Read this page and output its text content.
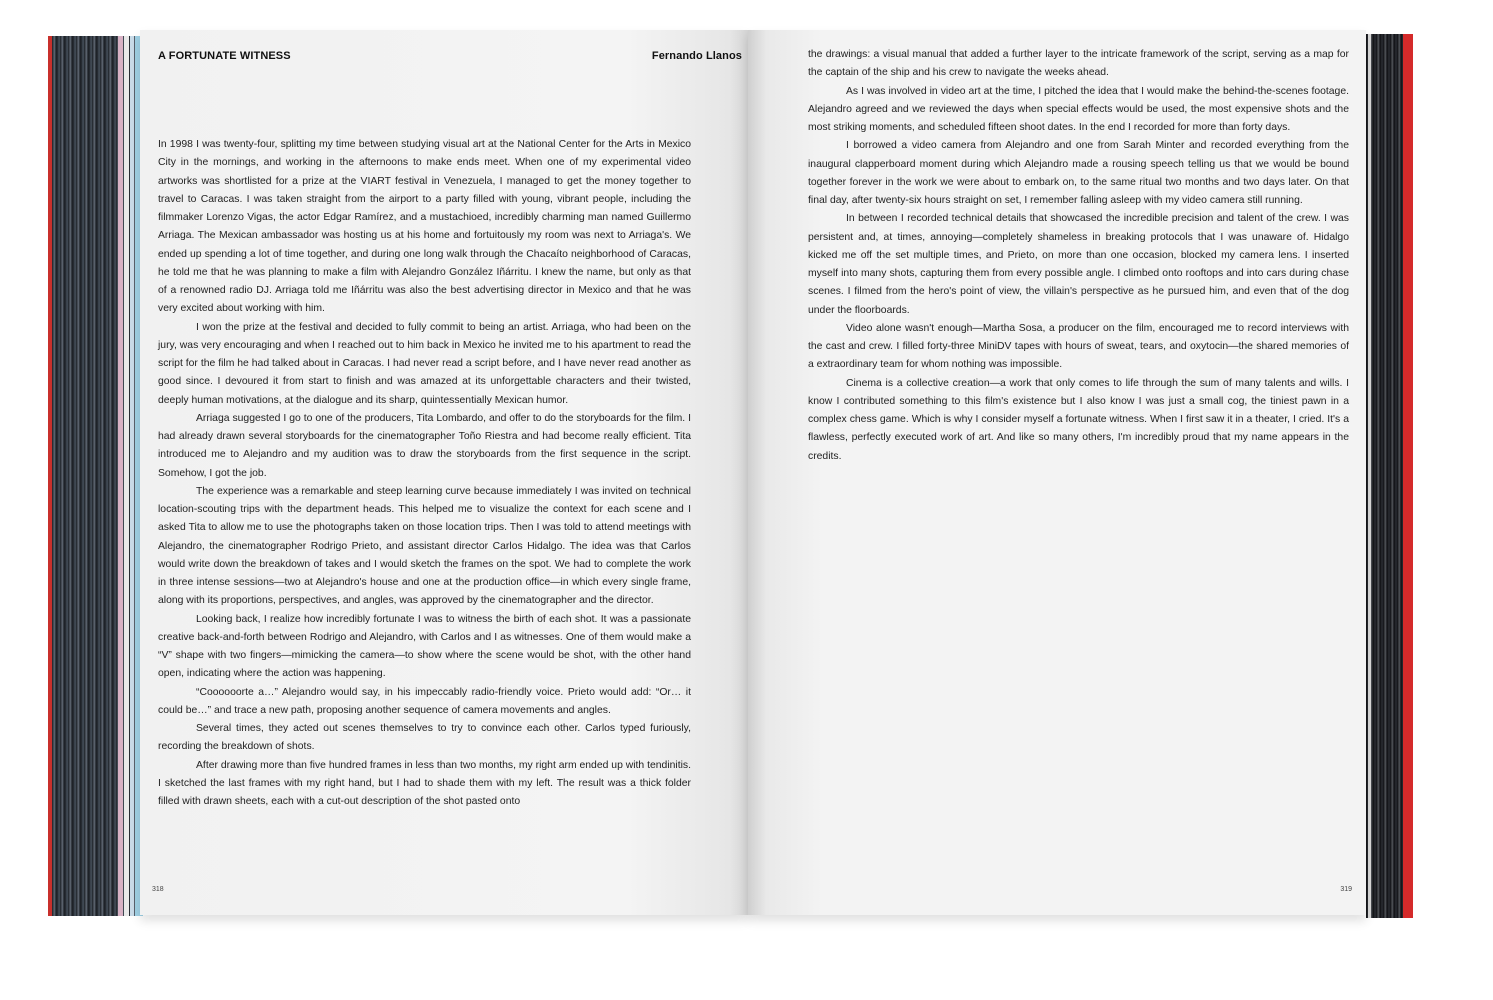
A FORTUNATE WITNESS	Fernando Llanos

In 1998 I was twenty-four, splitting my time between studying visual art at the National Center for the Arts in Mexico City in the mornings, and working in the afternoons to make ends meet. When one of my experimental video artworks was shortlisted for a prize at the VIART festival in Venezuela, I managed to get the money together to travel to Caracas. I was taken straight from the airport to a party filled with young, vibrant people, including the filmmaker Lorenzo Vigas, the actor Edgar Ramírez, and a mustachioed, incredibly charming man named Guillermo Arriaga. The Mexican ambassador was hosting us at his home and fortuitously my room was next to Arriaga's. We ended up spending a lot of time together, and during one long walk through the Chacaíto neighborhood of Caracas, he told me that he was planning to make a film with Alejandro González Iñárritu. I knew the name, but only as that of a renowned radio DJ. Arriaga told me Iñárritu was also the best advertising director in Mexico and that he was very excited about working with him.

I won the prize at the festival and decided to fully commit to being an artist. Arriaga, who had been on the jury, was very encouraging and when I reached out to him back in Mexico he invited me to his apartment to read the script for the film he had talked about in Caracas. I had never read a script before, and I have never read another as good since. I devoured it from start to finish and was amazed at its unforgettable characters and their twisted, deeply human motivations, at the dialogue and its sharp, quintessentially Mexican humor.

Arriaga suggested I go to one of the producers, Tita Lombardo, and offer to do the storyboards for the film. I had already drawn several storyboards for the cinematographer Toño Riestra and had become really efficient. Tita introduced me to Alejandro and my audition was to draw the storyboards from the first sequence in the script. Somehow, I got the job.

The experience was a remarkable and steep learning curve because immediately I was invited on technical location-scouting trips with the department heads. This helped me to visualize the context for each scene and I asked Tita to allow me to use the photographs taken on those location trips. Then I was told to attend meetings with Alejandro, the cinematographer Rodrigo Prieto, and assistant director Carlos Hidalgo. The idea was that Carlos would write down the breakdown of takes and I would sketch the frames on the spot. We had to complete the work in three intense sessions—two at Alejandro's house and one at the production office—in which every single frame, along with its proportions, perspectives, and angles, was approved by the cinematographer and the director.

Looking back, I realize how incredibly fortunate I was to witness the birth of each shot. It was a passionate creative back-and-forth between Rodrigo and Alejandro, with Carlos and I as witnesses. One of them would make a “V” shape with two fingers—mimicking the camera—to show where the scene would be shot, with the other hand open, indicating where the action was happening.

“Coooooorte a…” Alejandro would say, in his impeccably radio-friendly voice. Prieto would add: “Or… it could be…” and trace a new path, proposing another sequence of camera movements and angles.

Several times, they acted out scenes themselves to try to convince each other. Carlos typed furiously, recording the breakdown of shots.

After drawing more than five hundred frames in less than two months, my right arm ended up with tendinitis. I sketched the last frames with my right hand, but I had to shade them with my left. The result was a thick folder filled with drawn sheets, each with a cut-out description of the shot pasted onto

318

the drawings: a visual manual that added a further layer to the intricate framework of the script, serving as a map for the captain of the ship and his crew to navigate the weeks ahead.

As I was involved in video art at the time, I pitched the idea that I would make the behind-the-scenes footage. Alejandro agreed and we reviewed the days when special effects would be used, the most expensive shots and the most striking moments, and scheduled fifteen shoot dates. In the end I recorded for more than forty days.

I borrowed a video camera from Alejandro and one from Sarah Minter and recorded everything from the inaugural clapperboard moment during which Alejandro made a rousing speech telling us that we would be bound together forever in the work we were about to embark on, to the same ritual two months and two days later. On that final day, after twenty-six hours straight on set, I remember falling asleep with my video camera still running.

In between I recorded technical details that showcased the incredible precision and talent of the crew. I was persistent and, at times, annoying—completely shameless in breaking protocols that I was unaware of. Hidalgo kicked me off the set multiple times, and Prieto, on more than one occasion, blocked my camera lens. I inserted myself into many shots, capturing them from every possible angle. I climbed onto rooftops and into cars during chase scenes. I filmed from the hero's point of view, the villain's perspective as he pursued him, and even that of the dog under the floorboards.

Video alone wasn't enough—Martha Sosa, a producer on the film, encouraged me to record interviews with the cast and crew. I filled forty-three MiniDV tapes with hours of sweat, tears, and oxytocin—the shared memories of a extraordinary team for whom nothing was impossible.

Cinema is a collective creation—a work that only comes to life through the sum of many talents and wills. I know I contributed something to this film's existence but I also know I was just a small cog, the tiniest pawn in a complex chess game. Which is why I consider myself a fortunate witness. When I first saw it in a theater, I cried. It's a flawless, perfectly executed work of art. And like so many others, I'm incredibly proud that my name appears in the credits.

319
